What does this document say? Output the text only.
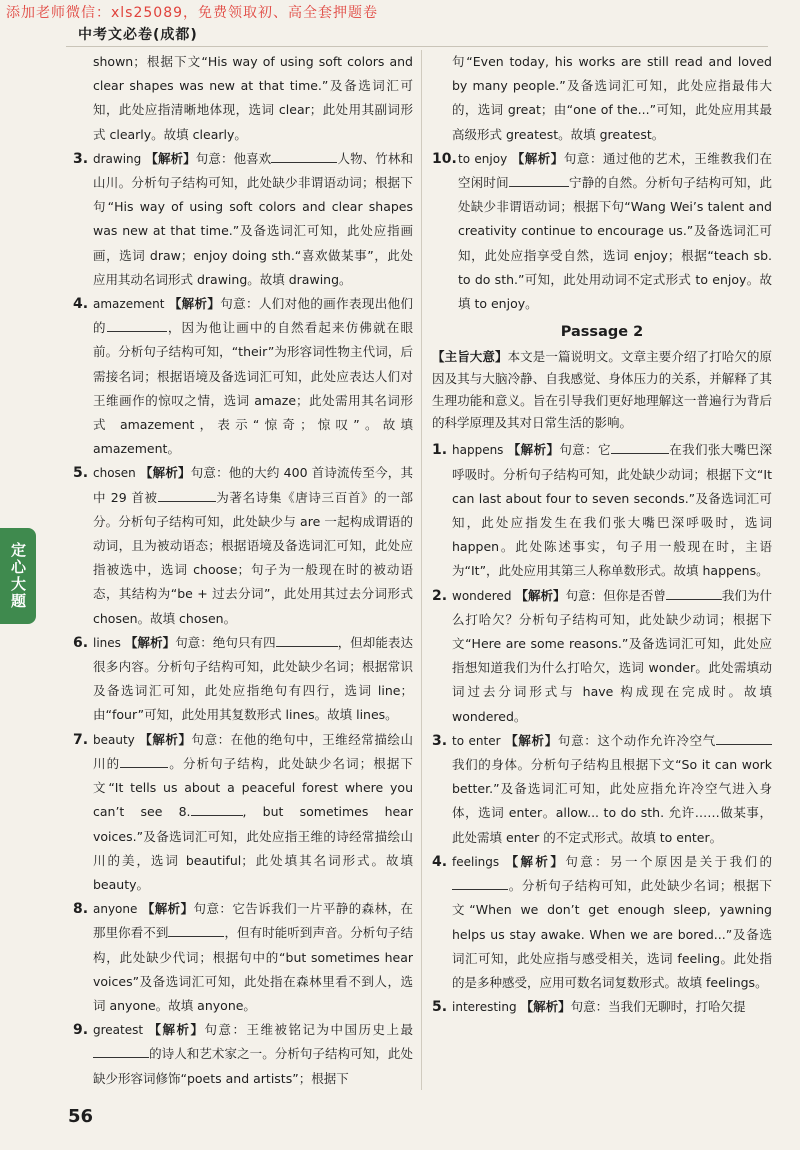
添加老师微信：xls25089，免费领取初、高全套押题卷
中考文必卷(成都)
定心大题

shown；根据下文“His way of using soft colors and clear shapes was new at that time.”及备选词汇可知，此处应指清晰地体现，选词 clear；此处用其副词形式 clearly。故填 clearly。

3. drawing 【解析】句意：他喜欢	人物、竹林和山川。分析句子结构可知，此处缺少非谓语动词；根据下句“His way of using soft colors and clear shapes was new at that time.”及备选词汇可知，此处应指画画，选词 draw；enjoy doing sth.“喜欢做某事”，此处应用其动名词形式 drawing。故填 drawing。

4. amazement 【解析】句意：人们对他的画作表现出他们的	，因为他让画中的自然看起来仿佛就在眼前。分析句子结构可知，“their”为形容词性物主代词，后需接名词；根据语境及备选词汇可知，此处应表达人们对王维画作的惊叹之情，选词 amaze；此处需用其名词形式 amazement，表示“惊奇；惊叹”。故填 amazement。

5. chosen 【解析】句意：他的大约 400 首诗流传至今，其中 29 首被	为著名诗集《唐诗三百首》的一部分。分析句子结构可知，此处缺少与 are 一起构成谓语的动词，且为被动语态；根据语境及备选词汇可知，此处应指被选中，选词 choose；句子为一般现在时的被动语态，其结构为“be + 过去分词”，此处用其过去分词形式 chosen。故填 chosen。

6. lines 【解析】句意：绝句只有四	，但却能表达很多内容。分析句子结构可知，此处缺少名词；根据常识及备选词汇可知，此处应指绝句有四行，选词 line；由“four”可知，此处用其复数形式 lines。故填 lines。

7. beauty 【解析】句意：在他的绝句中，王维经常描绘山川的	。分析句子结构，此处缺少名词；根据下文“It tells us about a peaceful forest where you can’t see 8.	, but sometimes hear voices.”及备选词汇可知，此处应指王维的诗经常描绘山川的美，选词 beautiful；此处填其名词形式。故填 beauty。

8. anyone 【解析】句意：它告诉我们一片平静的森林，在那里你看不到	，但有时能听到声音。分析句子结构，此处缺少代词；根据句中的“but sometimes hear voices”及备选词汇可知，此处指在森林里看不到人，选词 anyone。故填 anyone。

9. greatest 【解析】句意：王维被铭记为中国历史上最的诗人和艺术家之一。分析句子结构可知，此处缺少形容词修饰“poets and artists”；根据下

句“Even today, his works are still read and loved by many people.”及备选词汇可知，此处应指最伟大的，选词 great；由“one of the...”可知，此处应用其最高级形式 greatest。故填 greatest。

10.to enjoy 【解析】句意：通过他的艺术，王维教我们在空闲时间	宁静的自然。分析句子结构可知，此处缺少非谓语动词；根据下句“Wang Wei’s talent and creativity continue to encourage us.”及备选词汇可知，此处应指享受自然，选词 enjoy；根据“teach sb. to do sth.”可知，此处用动词不定式形式 to enjoy。故填 to enjoy。

Passage 2

【主旨大意】本文是一篇说明文。文章主要介绍了打哈欠的原因及其与大脑冷静、自我感觉、身体压力的关系，并解释了其生理功能和意义。旨在引导我们更好地理解这一普遍行为背后的科学原理及其对日常生活的影响。

1. happens 【解析】句意：它	在我们张大嘴巴深呼吸时。分析句子结构可知，此处缺少动词；根据下文“It can last about four to seven seconds.”及备选词汇可知，此处应指发生在我们张大嘴巴深呼吸时，选词 happen。此处陈述事实，句子用一般现在时，主语为“It”，此处应用其第三人称单数形式。故填 happens。

2. wondered 【解析】句意：但你是否曾	我们为什么打哈欠？分析句子结构可知，此处缺少动词；根据下文“Here are some reasons.”及备选词汇可知，此处应指想知道我们为什么打哈欠，选词 wonder。此处需填动词过去分词形式与 have 构成现在完成时。故填 wondered。

3. to enter 【解析】句意：这个动作允许冷空气我们的身体。分析句子结构且根据下文“So it can work better.”及备选词汇可知，此处应指允许冷空气进入身体，选词 enter。allow... to do sth. 允许……做某事，此处需填 enter 的不定式形式。故填 to enter。

4. feelings 【解析】句意：另一个原因是关于我们的。分析句子结构可知，此处缺少名词；根据下文“When we don’t get enough sleep, yawning helps us stay awake. When we are bored...”及备选词汇可知，此处应指与感受相关，选词 feeling。此处指的是多种感受，应用可数名词复数形式。故填 feelings。

5. interesting 【解析】句意：当我们无聊时，打哈欠提

56
